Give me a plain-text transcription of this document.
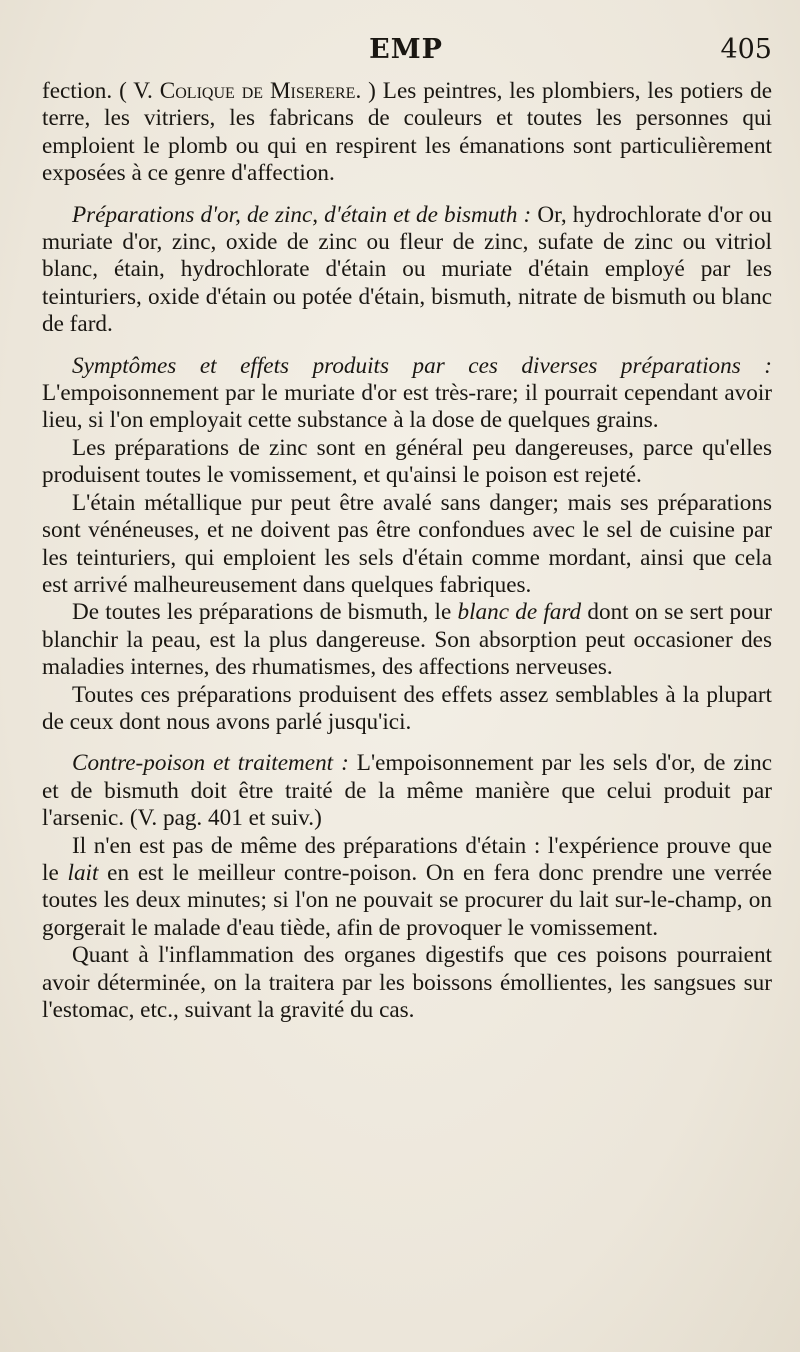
EMP	405

fection. ( V. Colique de Miserere. ) Les peintres, les plombiers, les potiers de terre, les vitriers, les fabricans de couleurs et toutes les personnes qui emploient le plomb ou qui en respirent les émanations sont particulièrement exposées à ce genre d'affection.

Préparations d'or, de zinc, d'étain et de bismuth : Or, hydrochlorate d'or ou muriate d'or, zinc, oxide de zinc ou fleur de zinc, sufate de zinc ou vitriol blanc, étain, hydrochlorate d'étain ou muriate d'étain employé par les teinturiers, oxide d'étain ou potée d'étain, bismuth, nitrate de bismuth ou blanc de fard.

Symptômes et effets produits par ces diverses préparations : L'empoisonnement par le muriate d'or est très-rare; il pourrait cependant avoir lieu, si l'on employait cette substance à la dose de quelques grains.

Les préparations de zinc sont en général peu dangereuses, parce qu'elles produisent toutes le vomissement, et qu'ainsi le poison est rejeté.

L'étain métallique pur peut être avalé sans danger; mais ses préparations sont vénéneuses, et ne doivent pas être confondues avec le sel de cuisine par les teinturiers, qui emploient les sels d'étain comme mordant, ainsi que cela est arrivé malheureusement dans quelques fabriques.

De toutes les préparations de bismuth, le blanc de fard dont on se sert pour blanchir la peau, est la plus dangereuse. Son absorption peut occasioner des maladies internes, des rhumatismes, des affections nerveuses.

Toutes ces préparations produisent des effets assez semblables à la plupart de ceux dont nous avons parlé jusqu'ici.

Contre-poison et traitement : L'empoisonnement par les sels d'or, de zinc et de bismuth doit être traité de la même manière que celui produit par l'arsenic. (V. pag. 401 et suiv.)

Il n'en est pas de même des préparations d'étain : l'expérience prouve que le lait en est le meilleur contre-poison. On en fera donc prendre une verrée toutes les deux minutes; si l'on ne pouvait se procurer du lait sur-le-champ, on gorgerait le malade d'eau tiède, afin de provoquer le vomissement.

Quant à l'inflammation des organes digestifs que ces poisons pourraient avoir déterminée, on la traitera par les boissons émollientes, les sangsues sur l'estomac, etc., suivant la gravité du cas.
